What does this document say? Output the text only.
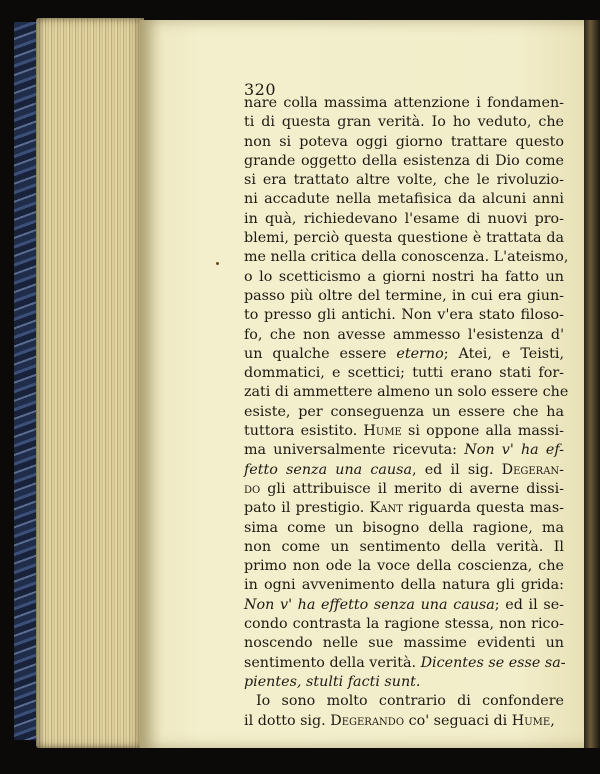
320
nare colla massima attenzione i fondamen-
ti di questa gran verità. Io ho veduto, che
non si poteva oggi giorno trattare questo
grande oggetto della esistenza di Dio come
si era trattato altre volte, che le rivoluzio-
ni accadute nella metafisica da alcuni anni
in quà, richiedevano l'esame di nuovi pro-
blemi, perciò questa questione è trattata da
me nella critica della conoscenza. L'ateismo,
o lo scetticismo a giorni nostri ha fatto un
passo più oltre del termine, in cui era giun-
to presso gli antichi. Non v'era stato filoso-
fo, che non avesse ammesso l'esistenza d'
un qualche essere eterno; Atei, e Teisti,
dommatici, e scettici; tutti erano stati for-
zati di ammettere almeno un solo essere che
esiste, per conseguenza un essere che ha
tuttora esistito. Hume si oppone alla massi-
ma universalmente ricevuta: Non v' ha ef-
fetto senza una causa, ed il sig. Degeran-
do gli attribuisce il merito di averne dissi-
pato il prestigio. Kant riguarda questa mas-
sima come un bisogno della ragione, ma
non come un sentimento della verità. Il
primo non ode la voce della coscienza, che
in ogni avvenimento della natura gli grida:
Non v' ha effetto senza una causa; ed il se-
condo contrasta la ragione stessa, non rico-
noscendo nelle sue massime evidenti un
sentimento della verità. Dicentes se esse sa-
pientes, stulti facti sunt.
Io sono molto contrario di confondere
il dotto sig. Degerando co' seguaci di Hume,
